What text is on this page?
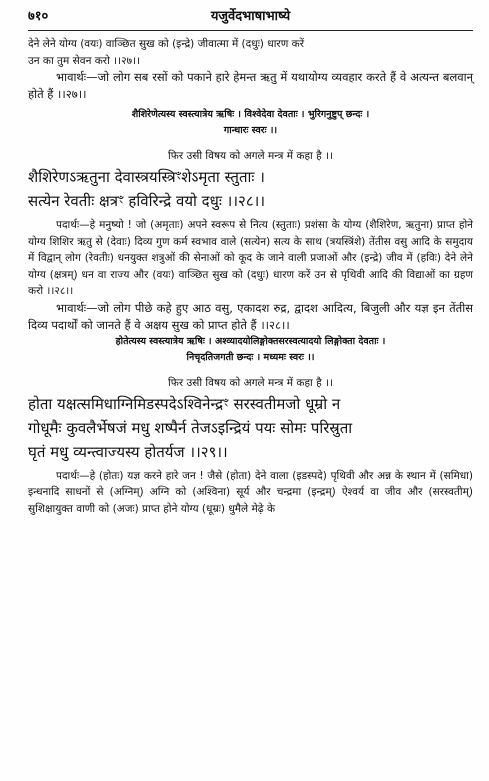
७१०	यजुर्वेदभाषाभाष्ये

देने लेने योग्य (वयः) वाञ्छित सुख को (इन्द्रे) जीवात्मा में (दधुः) धारण करें

उन का तुम सेवन करो ।।२७।।

भावार्थः—जो लोग सब रसों को पकाने हारे हेमन्त ऋतु में यथायोग्य व्यवहार करते हैं वे अत्यन्त बलवान् होते हैं ।।२७।।

शैशिरेणेत्यस्य स्वस्त्यात्रेय ऋषिः । विश्वेदेवा देवताः । भुरिगनुष्टुप् छन्दः ।

गान्धारः स्वरः ।।

फिर उसी विषय को अगले मन्त्र में कहा है ।।

शैशिरेणऽऋतुना देवास्त्रयस्त्रिꣳशेऽमृता स्तुताः ।

सत्येन रेवतीः क्षत्रꣳ हविरिन्द्रे वयो दधुः ।।२८।।

पदार्थः—हे मनुष्यो ! जो (अमृताः) अपने स्वरूप से नित्य (स्तुताः) प्रशंसा के योग्य (शैशिरेण, ऋतुना) प्राप्त होने योग्य शिशिर ऋतु से (देवाः) दिव्य गुण कर्म स्वभाव वाले (सत्येन) सत्य के साथ (त्रयस्त्रिंशे) तेंतीस वसु आदि के समुदाय में विद्वान् लोग (रेवतीः) धनयुक्त शत्रुओं की सेनाओं को कूद के जाने वाली प्रजाओं और (इन्द्रे) जीव में (हविः) देने लेने योग्य (क्षत्रम्) धन वा राज्य और (वयः) वाञ्छित सुख को (दधुः) धारण करें उन से पृथिवी आदि की विद्याओं का ग्रहण करो ।।२८।।

भावार्थः—जो लोग पीछे कहे हुए आठ वसु, एकादश रुद्र, द्वादश आदित्य, बिजुली और यज्ञ इन तेंतीस दिव्य पदार्थों को जानते हैं वे अक्षय सुख को प्राप्त होते हैं ।।२८।।

होतेत्यस्य स्वस्त्यात्रेय ऋषिः । अश्व्यादयोलिङ्गोक्तसरस्वत्यादयो लिङ्गोक्ता देवताः ।

निचृदतिजगती छन्दः । मध्यमः स्वरः ।।

फिर उसी विषय को अगले मन्त्र में कहा है ।।

होता यक्षत्समिधाग्निमिडस्पदेऽश्विनेन्द्रꣳ सरस्वतीमजो धूम्रो न

गोधूमैः कुवलैर्भेषजं मधु शष्पैर्न तेजऽइन्द्रियं पयः सोमः परिस्रुता

घृतं मधु व्यन्त्वाज्यस्य होतर्यज ।।२९।।

पदार्थः—हे (होतः) यज्ञ करने हारे जन ! जैसे (होता) देने वाला (इडस्पदे) पृथिवी और अन्न के स्थान में (समिधा) इन्धनादि साधनों से (अग्निम्) अग्नि को (अश्विना) सूर्य और चन्द्रमा (इन्द्रम्) ऐश्वर्य वा जीव और (सरस्वतीम्) सुशिक्षायुक्त वाणी को (अजः) प्राप्त होने योग्य (धूम्रः) धुमैले मेढ़े के
